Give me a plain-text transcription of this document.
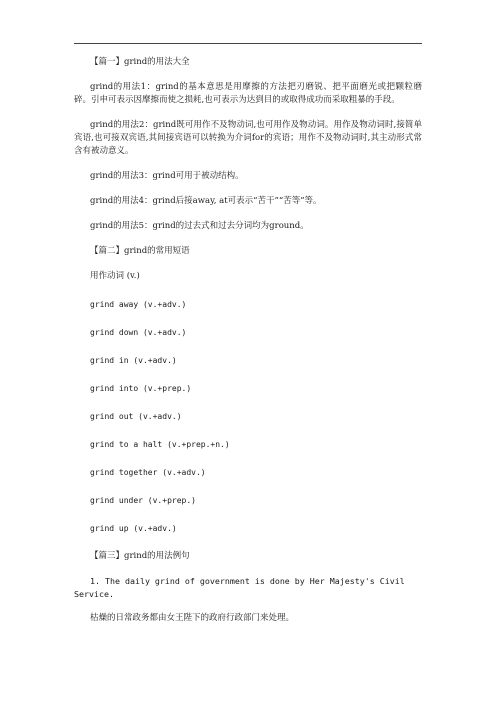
【篇一】grind的用法大全

grind的用法1：grind的基本意思是用摩擦的方法把刃磨锐、把平面磨光或把颗粒磨碎。引申可表示因摩擦而使之损耗,也可表示为达到目的或取得成功而采取粗暴的手段。

grind的用法2：grind既可用作不及物动词,也可用作及物动词。用作及物动词时,接简单宾语,也可接双宾语,其间接宾语可以转换为介词for的宾语；用作不及物动词时,其主动形式常含有被动意义。

grind的用法3：grind可用于被动结构。

grind的用法4：grind后接away, at可表示“苦干”“苦等”等。

grind的用法5：grind的过去式和过去分词均为ground。

【篇二】grind的常用短语

用作动词 (v.)

grind away (v.+adv.)

grind down (v.+adv.)

grind in (v.+adv.)

grind into (v.+prep.)

grind out (v.+adv.)

grind to a halt (v.+prep.+n.)

grind together (v.+adv.)

grind under (v.+prep.)

grind up (v.+adv.)

【篇三】grind的用法例句

1. The daily grind of government is done by Her Majesty's Civil Service.

枯燥的日常政务都由女王陛下的政府行政部门来处理。
